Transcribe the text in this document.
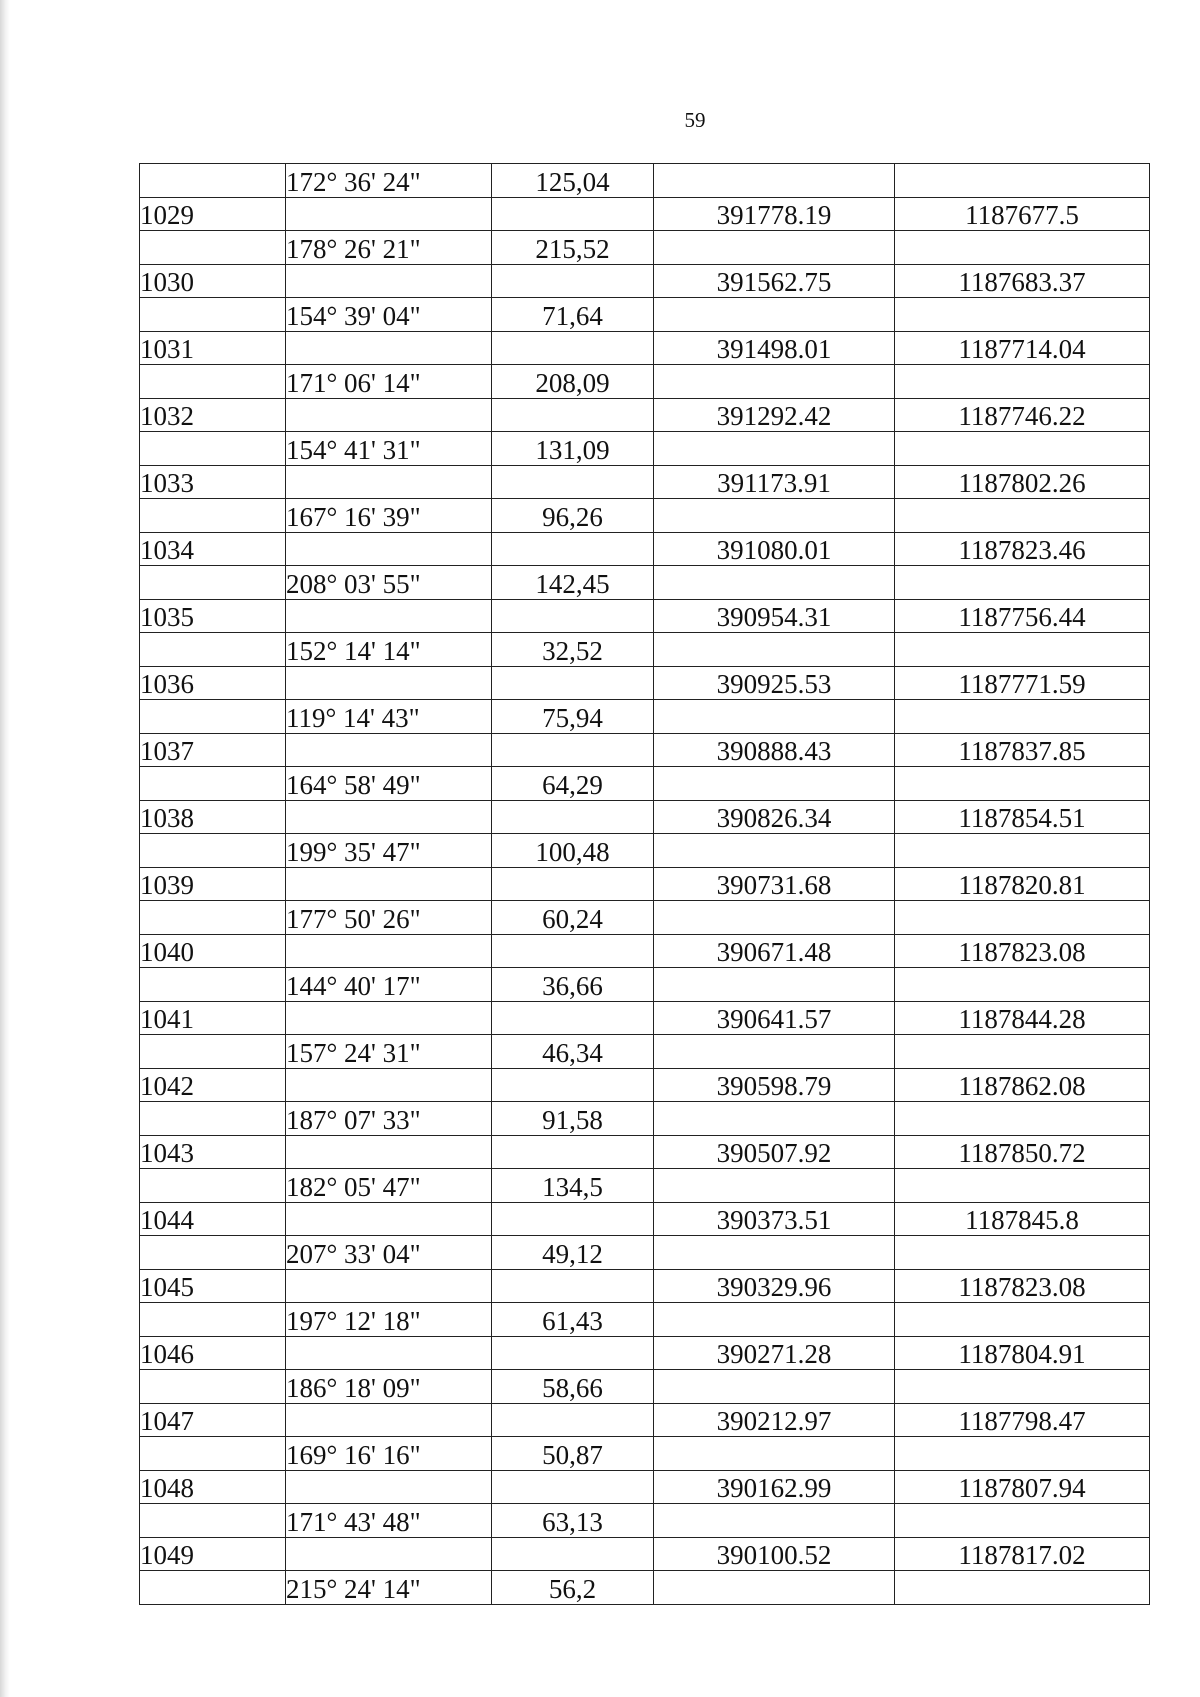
59
	172° 36' 24"	125,04		
1029			391778.19	1187677.5
	178° 26' 21"	215,52		
1030			391562.75	1187683.37
	154° 39' 04"	71,64		
1031			391498.01	1187714.04
	171° 06' 14"	208,09		
1032			391292.42	1187746.22
	154° 41' 31"	131,09		
1033			391173.91	1187802.26
	167° 16' 39"	96,26		
1034			391080.01	1187823.46
	208° 03' 55"	142,45		
1035			390954.31	1187756.44
	152° 14' 14"	32,52		
1036			390925.53	1187771.59
	119° 14' 43"	75,94		
1037			390888.43	1187837.85
	164° 58' 49"	64,29		
1038			390826.34	1187854.51
	199° 35' 47"	100,48		
1039			390731.68	1187820.81
	177° 50' 26"	60,24		
1040			390671.48	1187823.08
	144° 40' 17"	36,66		
1041			390641.57	1187844.28
	157° 24' 31"	46,34		
1042			390598.79	1187862.08
	187° 07' 33"	91,58		
1043			390507.92	1187850.72
	182° 05' 47"	134,5		
1044			390373.51	1187845.8
	207° 33' 04"	49,12		
1045			390329.96	1187823.08
	197° 12' 18"	61,43		
1046			390271.28	1187804.91
	186° 18' 09"	58,66		
1047			390212.97	1187798.47
	169° 16' 16"	50,87		
1048			390162.99	1187807.94
	171° 43' 48"	63,13		
1049			390100.52	1187817.02
	215° 24' 14"	56,2		
